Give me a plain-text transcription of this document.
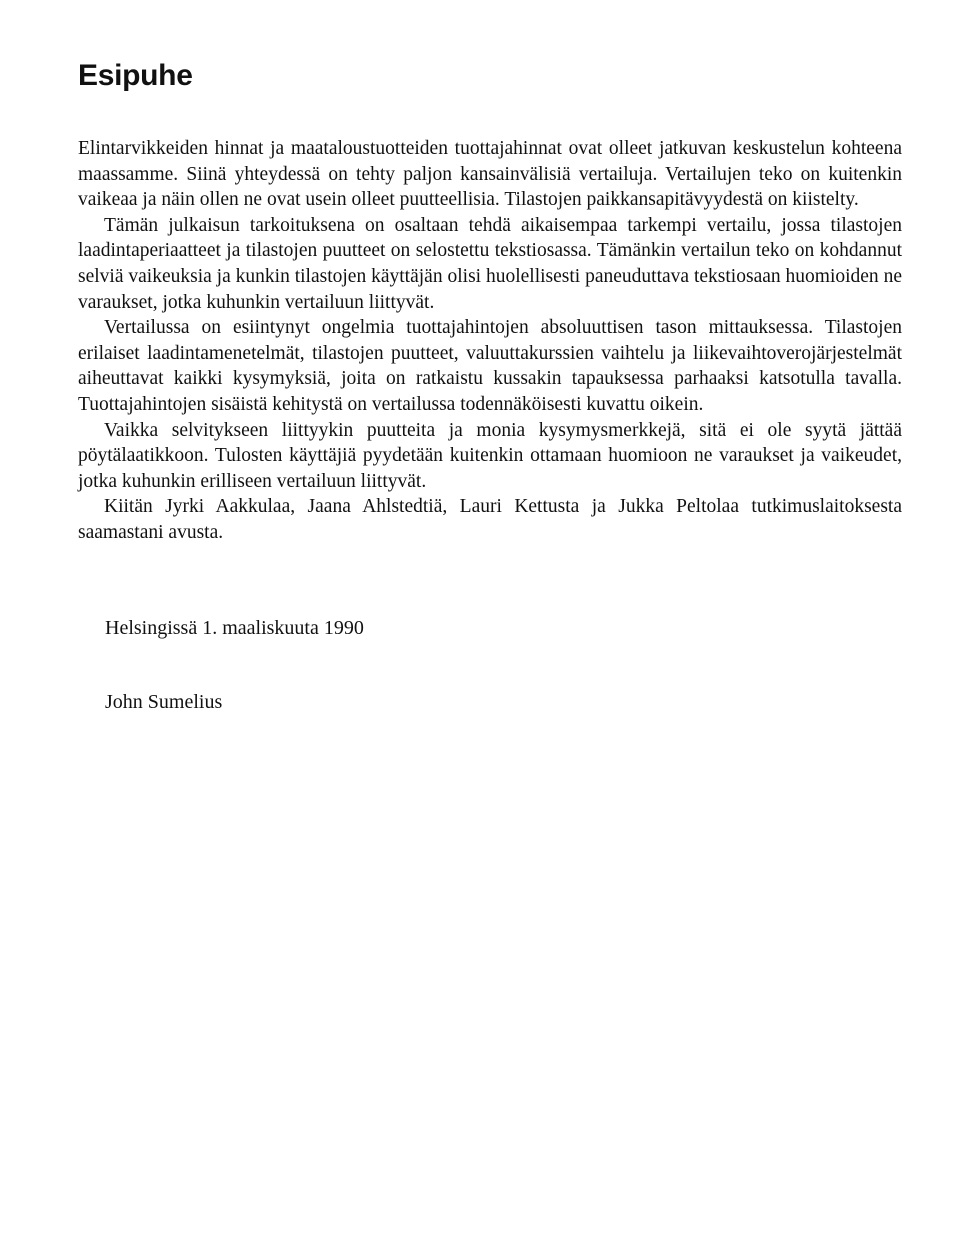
Esipuhe

Elintarvikkeiden hinnat ja maataloustuotteiden tuottajahinnat ovat olleet jatkuvan keskustelun kohteena maassamme. Siinä yhteydessä on tehty paljon kansainvälisiä vertailuja. Vertailujen teko on kuitenkin vaikeaa ja näin ollen ne ovat usein olleet puutteellisia. Tilastojen paikkansapitävyydestä on kiistelty.

Tämän julkaisun tarkoituksena on osaltaan tehdä aikaisempaa tarkempi vertailu, jossa tilastojen laadintaperiaatteet ja tilastojen puutteet on selostettu tekstiosassa. Tämänkin vertailun teko on kohdannut selviä vaikeuksia ja kunkin tilastojen käyttäjän olisi huolellisesti paneuduttava tekstiosaan huomioiden ne varaukset, jotka kuhunkin vertailuun liittyvät.

Vertailussa on esiintynyt ongelmia tuottajahintojen absoluuttisen tason mittauksessa. Tilastojen erilaiset laadintamenetelmät, tilastojen puutteet, valuuttakurssien vaihtelu ja liikevaihtoverojärjestelmät aiheuttavat kaikki kysymyksiä, joita on ratkaistu kussakin tapauksessa parhaaksi katsotulla tavalla. Tuottajahintojen sisäistä kehitystä on vertailussa todennäköisesti kuvattu oikein.

Vaikka selvitykseen liittyykin puutteita ja monia kysymysmerkkejä, sitä ei ole syytä jättää pöytälaatikkoon. Tulosten käyttäjiä pyydetään kuitenkin ottamaan huomioon ne varaukset ja vaikeudet, jotka kuhunkin erilliseen vertailuun liittyvät.

Kiitän Jyrki Aakkulaa, Jaana Ahlstedtiä, Lauri Kettusta ja Jukka Peltolaa tutkimuslaitoksesta saamastani avusta.

Helsingissä 1. maaliskuuta 1990
John Sumelius
